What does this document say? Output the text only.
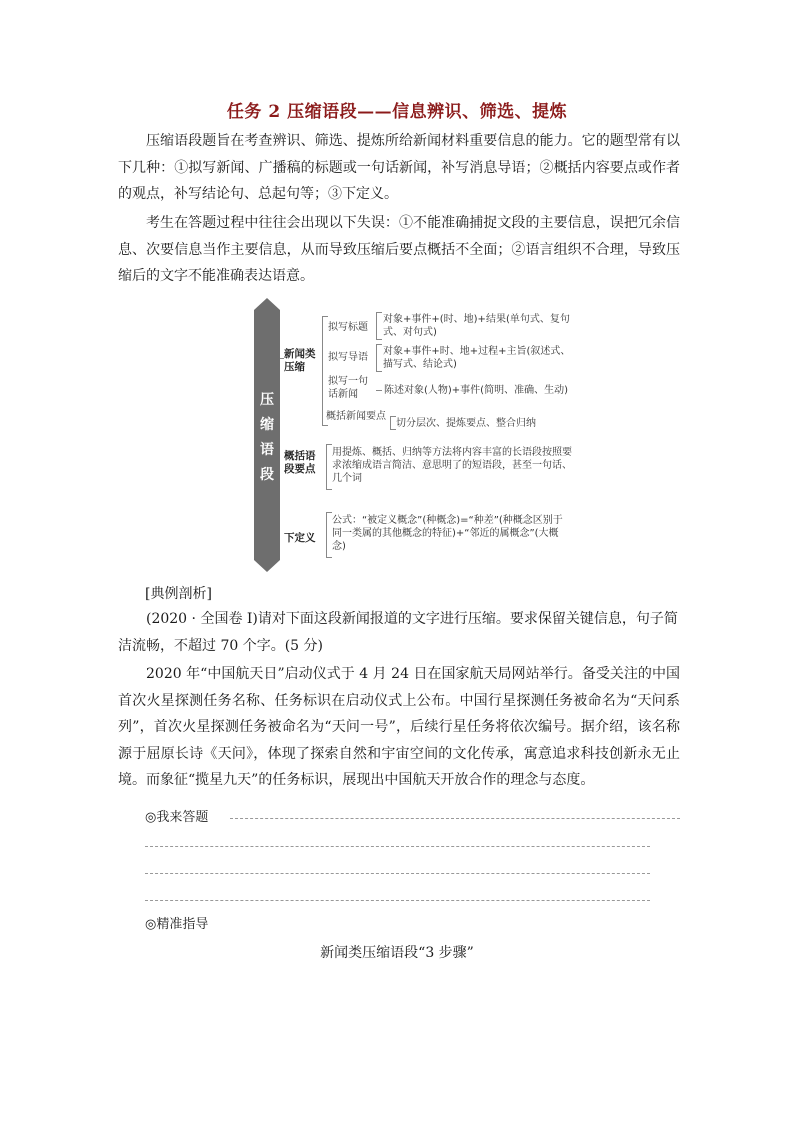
任务 2 压缩语段——信息辨识、筛选、提炼

压缩语段题旨在考查辨识、筛选、提炼所给新闻材料重要信息的能力。它的题型常有以下几种：①拟写新闻、广播稿的标题或一句话新闻，补写消息导语；②概括内容要点或作者的观点，补写结论句、总起句等；③下定义。

考生在答题过程中往往会出现以下失误：①不能准确捕捉文段的主要信息，误把冗余信息、次要信息当作主要信息，从而导致压缩后要点概括不全面；②语言组织不合理，导致压缩后的文字不能准确表达语意。

压
缩
语
段
新闻类
压缩
拟写标题
对象+事件+(时、地)+结果(单句式、复句式、对句式)
拟写导语
对象+事件+时、地+过程+主旨(叙述式、描写式、结论式)
拟写一句话新闻	陈述对象(人物)+事件(简明、准确、生动)
概括新闻要点
切分层次、提炼要点、整合归纳
概括语
段要点
用提炼、概括、归纳等方法将内容丰富的长语段按照要求浓缩成语言简洁、意思明了的短语段，甚至一句话、几个词
下定义
公式：“被定义概念”(种概念)=“种差”(种概念区别于同一类属的其他概念的特征)+“邻近的属概念”(大概念)
[典例剖析]

(2020 · 全国卷 Ⅰ)请对下面这段新闻报道的文字进行压缩。要求保留关键信息，句子简洁流畅，不超过 70 个字。(5 分)

2020 年“中国航天日”启动仪式于 4 月 24 日在国家航天局网站举行。备受关注的中国首次火星探测任务名称、任务标识在启动仪式上公布。中国行星探测任务被命名为“天问系列”，首次火星探测任务被命名为“天问一号”，后续行星任务将依次编号。据介绍，该名称源于屈原长诗《天问》，体现了探索自然和宇宙空间的文化传承，寓意追求科技创新永无止境。而象征“揽星九天”的任务标识，展现出中国航天开放合作的理念与态度。

◎我来答题
◎精准指导
新闻类压缩语段“3 步骤”
